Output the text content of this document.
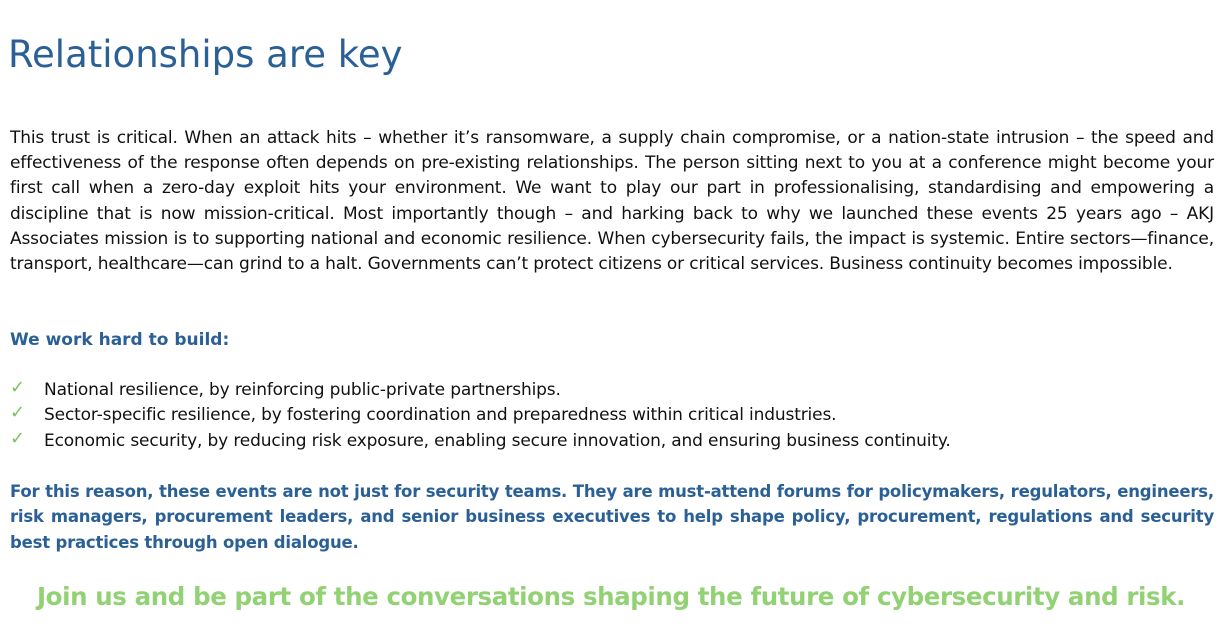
Relationships are key

This trust is critical. When an attack hits – whether it’s ransomware, a supply chain compromise, or a nation-state intrusion – the speed and effectiveness of the response often depends on pre-existing relationships. The person sitting next to you at a conference might become your first call when a zero-day exploit hits your environment. We want to play our part in professionalising, standardising and empowering a discipline that is now mission-critical. Most importantly though – and harking back to why we launched these events 25 years ago – AKJ Associates mission is to supporting national and economic resilience. When cybersecurity fails, the impact is systemic. Entire sectors—finance, transport, healthcare—can grind to a halt. Governments can’t protect citizens or critical services. Business continuity becomes impossible.

We work hard to build:

✓	National resilience, by reinforcing public-private partnerships.
✓	Sector-specific resilience, by fostering coordination and preparedness within critical industries.
✓	Economic security, by reducing risk exposure, enabling secure innovation, and ensuring business continuity.

For this reason, these events are not just for security teams. They are must-attend forums for policymakers, regulators, engineers, risk managers, procurement leaders, and senior business executives to help shape policy, procurement, regulations and security best practices through open dialogue.

Join us and be part of the conversations shaping the future of cybersecurity and risk.
